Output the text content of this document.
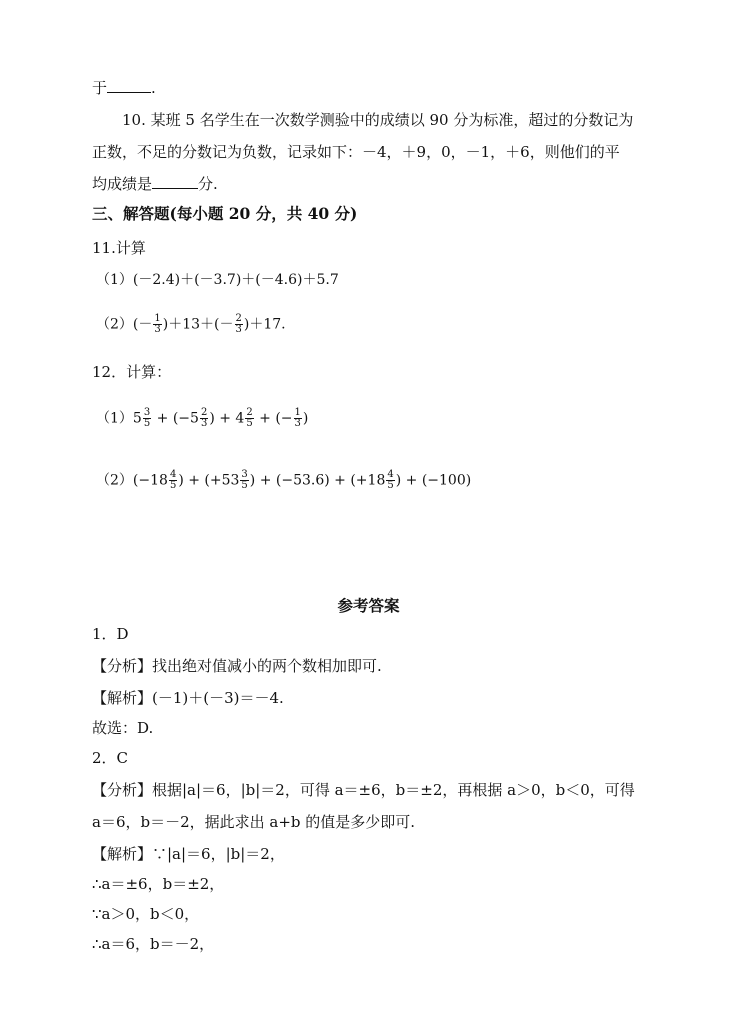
于	.
10. 某班 5 名学生在一次数学测验中的成绩以 90 分为标准，超过的分数记为
正数，不足的分数记为负数，记录如下：－4，＋9，0，－1，＋6，则他们的平
均成绩是	分.
三、解答题(每小题 20 分，共 40 分)
11.计算
（1）(－2.4)＋(－3.7)＋(－4.6)＋5.7
$(2)(- \frac{1}{3} )+13+(- \frac{2}{3} )+17$.
12．计算：
$(1)5 \frac{3}{5} + (-5 \frac{2}{3}$ ) + $4 \frac{2}{5}$ + (− $\frac{1}{3}$ )
$(2)(-18 \frac{4}{5}$ ) + ($+53 \frac{3}{5}$ ) + $(-53.6) + (+18 \frac{4}{5}$ ) + (−100)
参考答案
1．D
【分析】找出绝对值减小的两个数相加即可.
【解析】(－1)＋(－3)＝－4.
故选：D.
2．C
【分析】根据|a|＝6，|b|＝2，可得 a＝±6，b＝±2，再根据 a＞0，b＜0，可得
a＝6，b＝－2，据此求出 a+b 的值是多少即可.
【解析】∵|a|＝6，|b|＝2，
∴a＝±6，b＝±2，
∵a＞0，b＜0，
∴a＝6，b＝－2，
